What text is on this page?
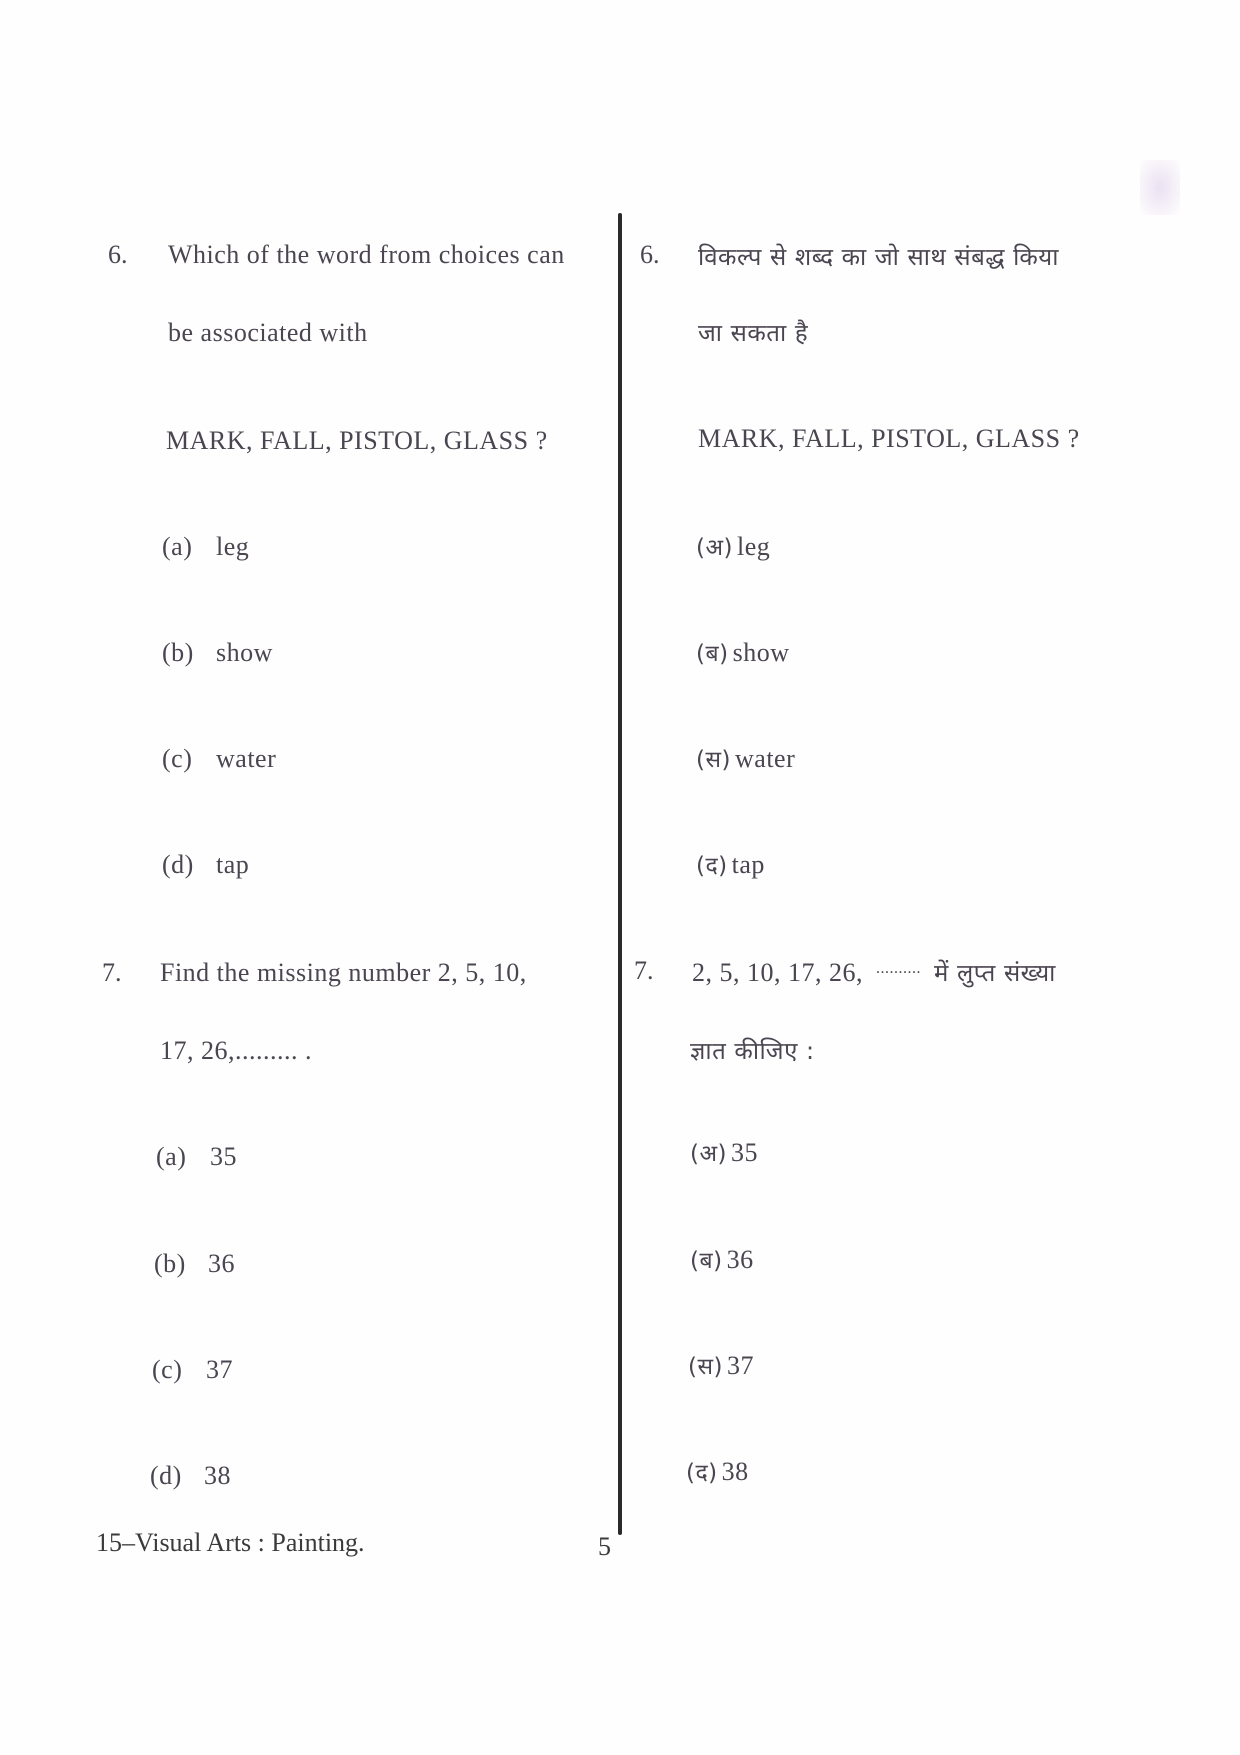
6. Which of the word from choices can
be associated with
MARK, FALL, PISTOL, GLASS ?
(a) leg
(b) show
(c) water
(d) tap
7. Find the missing number 2, 5, 10,
17, 26,......... .
(a) 35
(b) 36
(c) 37
(d) 38
6. विकल्प से शब्द का जो साथ संबद्ध किया
जा सकता है
MARK, FALL, PISTOL, GLASS ?
(अ) leg
(ब) show
(स) water
(द) tap
7. 2, 5, 10, 17, 26, .......... में लुप्त संख्या
ज्ञात कीजिए :
(अ) 35
(ब) 36
(स) 37
(द) 38
15–Visual Arts : Painting.	5
